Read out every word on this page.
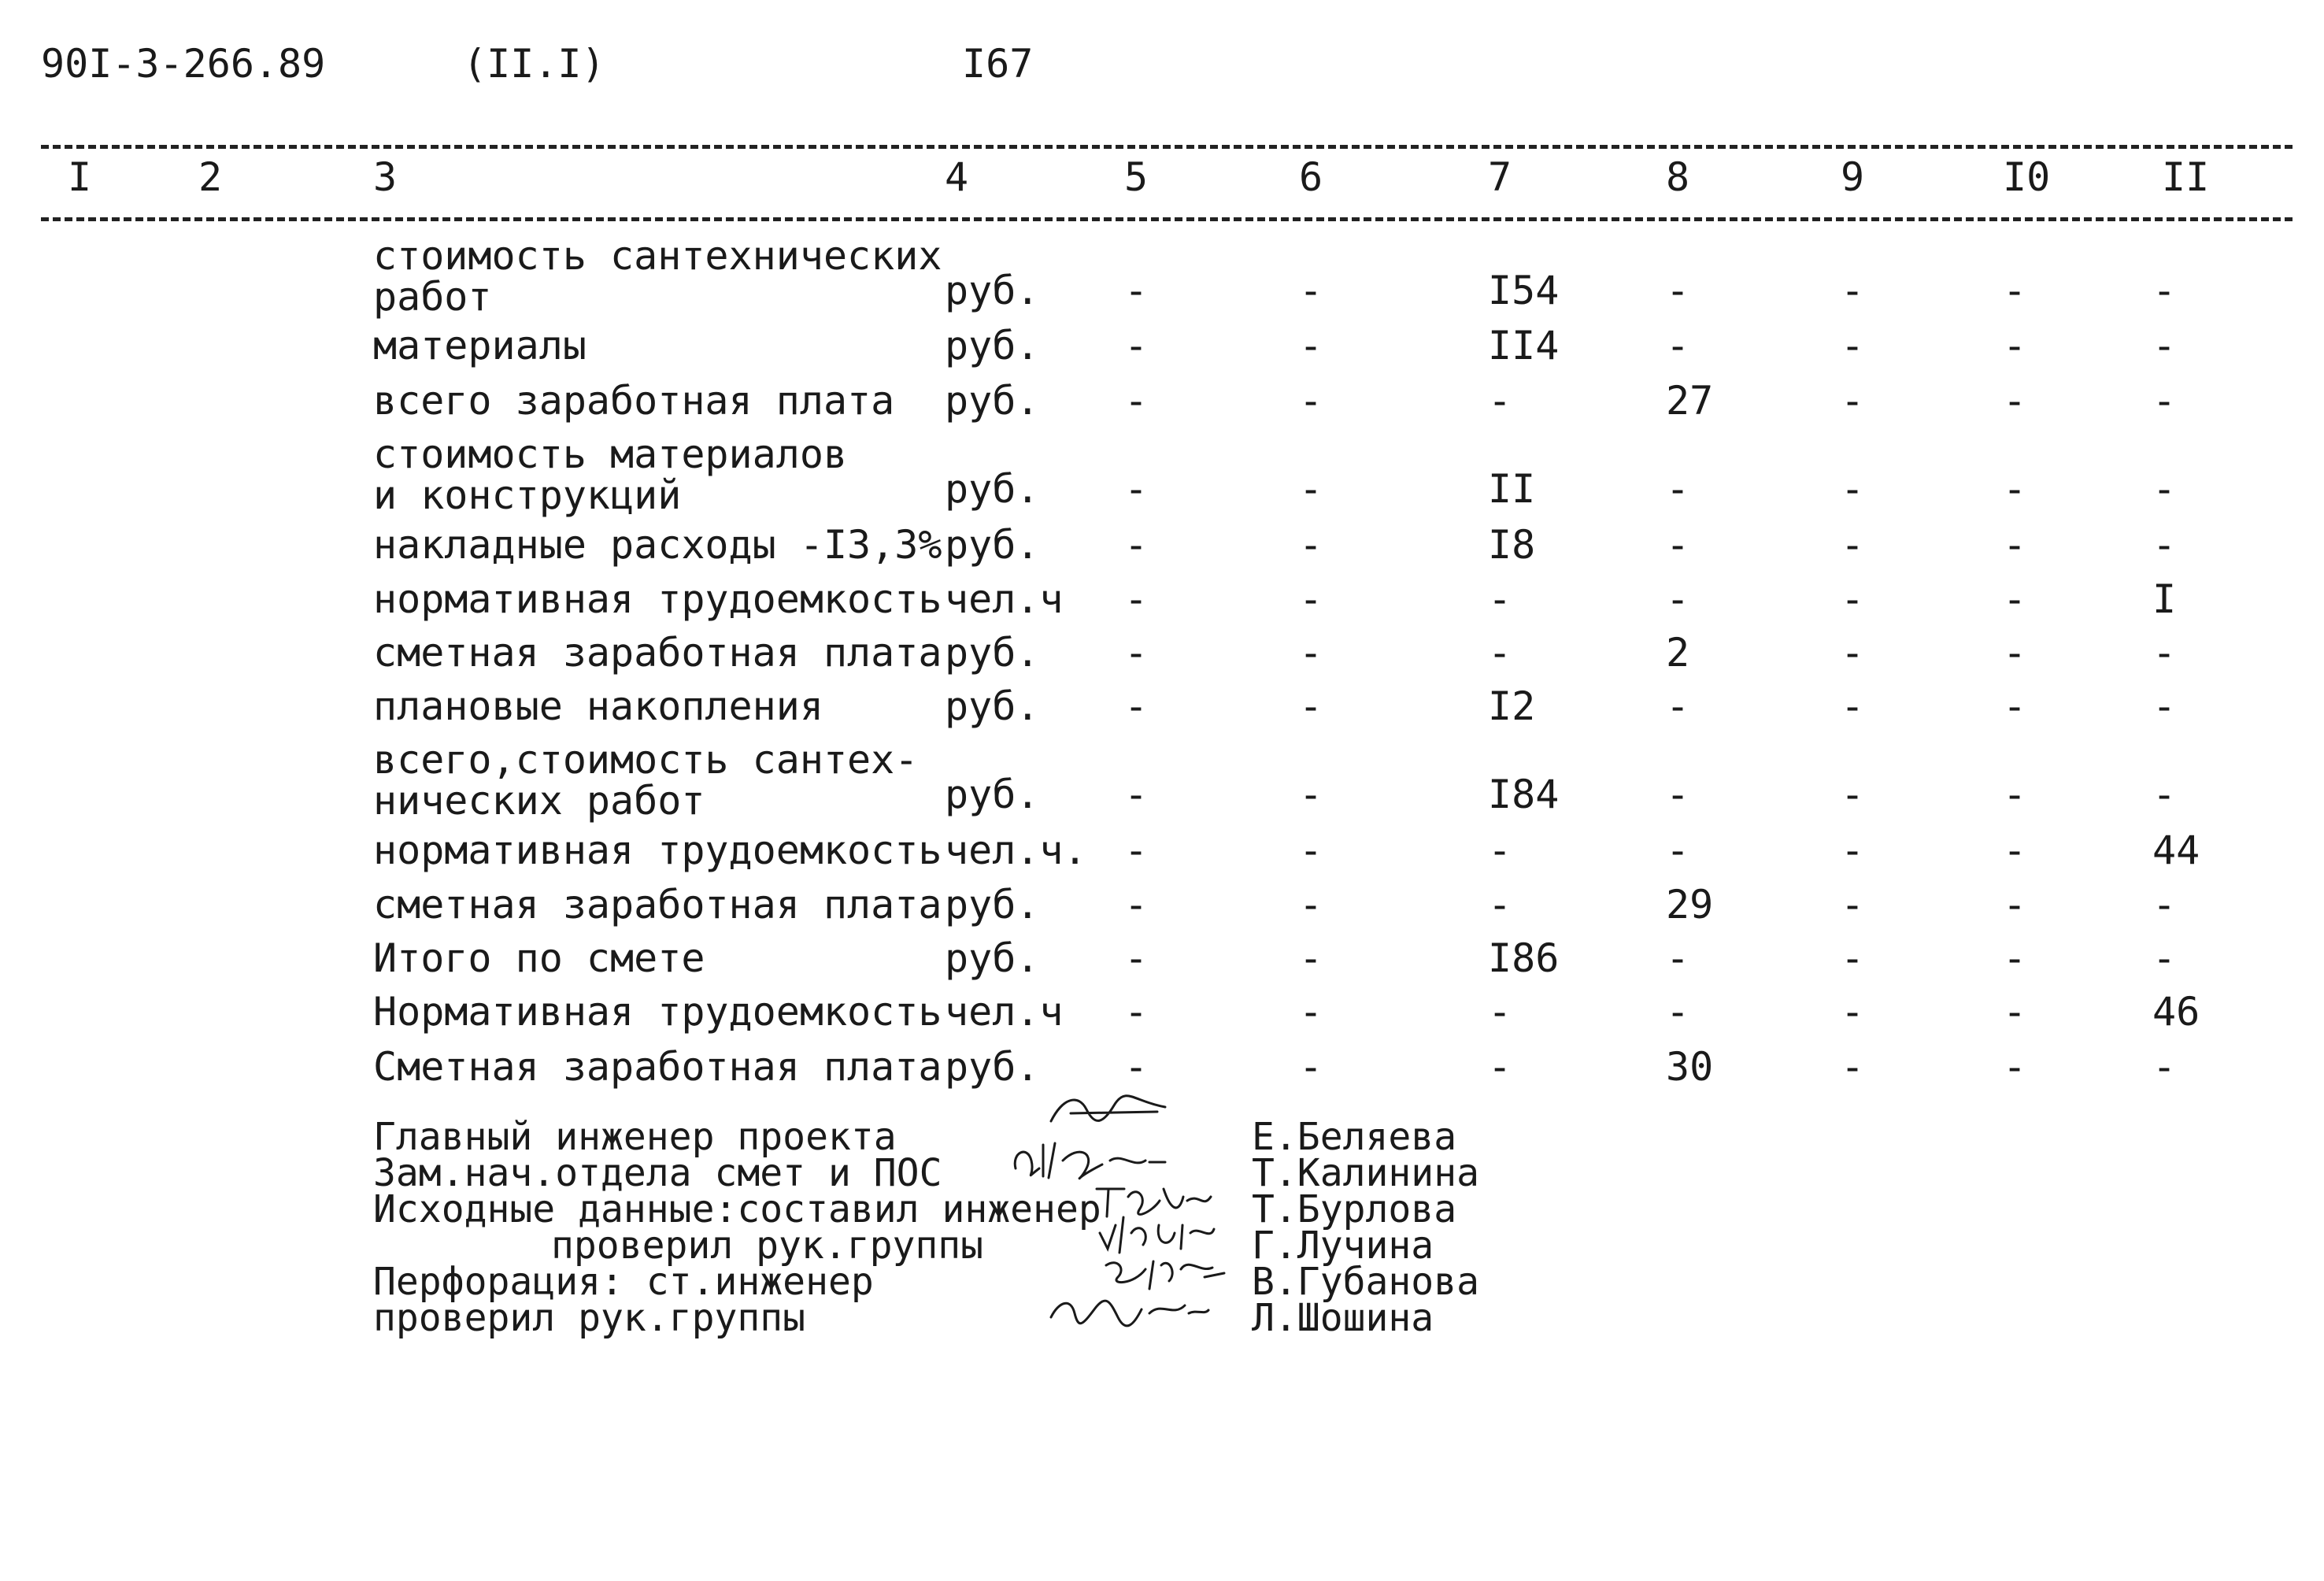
90I-3-266.89	(II.I)	I67
I	2	3	4	5	6	7	8	9	I0	II
стоимость сантехнических
работ	руб. -	-	I54	-	-	-	-
материалы	руб. -	-	II4	-	-	-	-
всего заработная плата руб. -	-	-	27	-	-	-
стоимость материалов
и конструкций	руб. -	-	II	-	-	-	-
накладные расходы -I3,3% руб. -	-	I8	-	-	-	-
нормативная трудоемкость чел.ч -	-	-	-	-	-	I
сметная заработная плата руб. -	-	-	2	-	-	-
плановые накопления	руб. -	-	I2	-	-	-	-
всего,стоимость сантех-
нических работ	руб. -	-	I84	-	-	-	-
нормативная трудоемкость чел.ч. -	-	-	-	-	-	44
сметная заработная плата руб. -	-	-	29	-	-	-
Итого по смете	руб. -	-	I86	-	-	-	-
Нормативная трудоемкость чел.ч -	-	-	-	-	-	46
Сметная заработная плата руб. -	-	-	30	-	-	-
Главный инженер проекта	Е.Беляева
Зам.нач.отдела смет и ПОС	Т.Калинина
Исходные данные:составил инженер	Т.Бурлова
проверил рук.группы	Г.Лучина
Перфорация: ст.инженер	В.Губанова
проверил рук.группы	Л.Шошина
